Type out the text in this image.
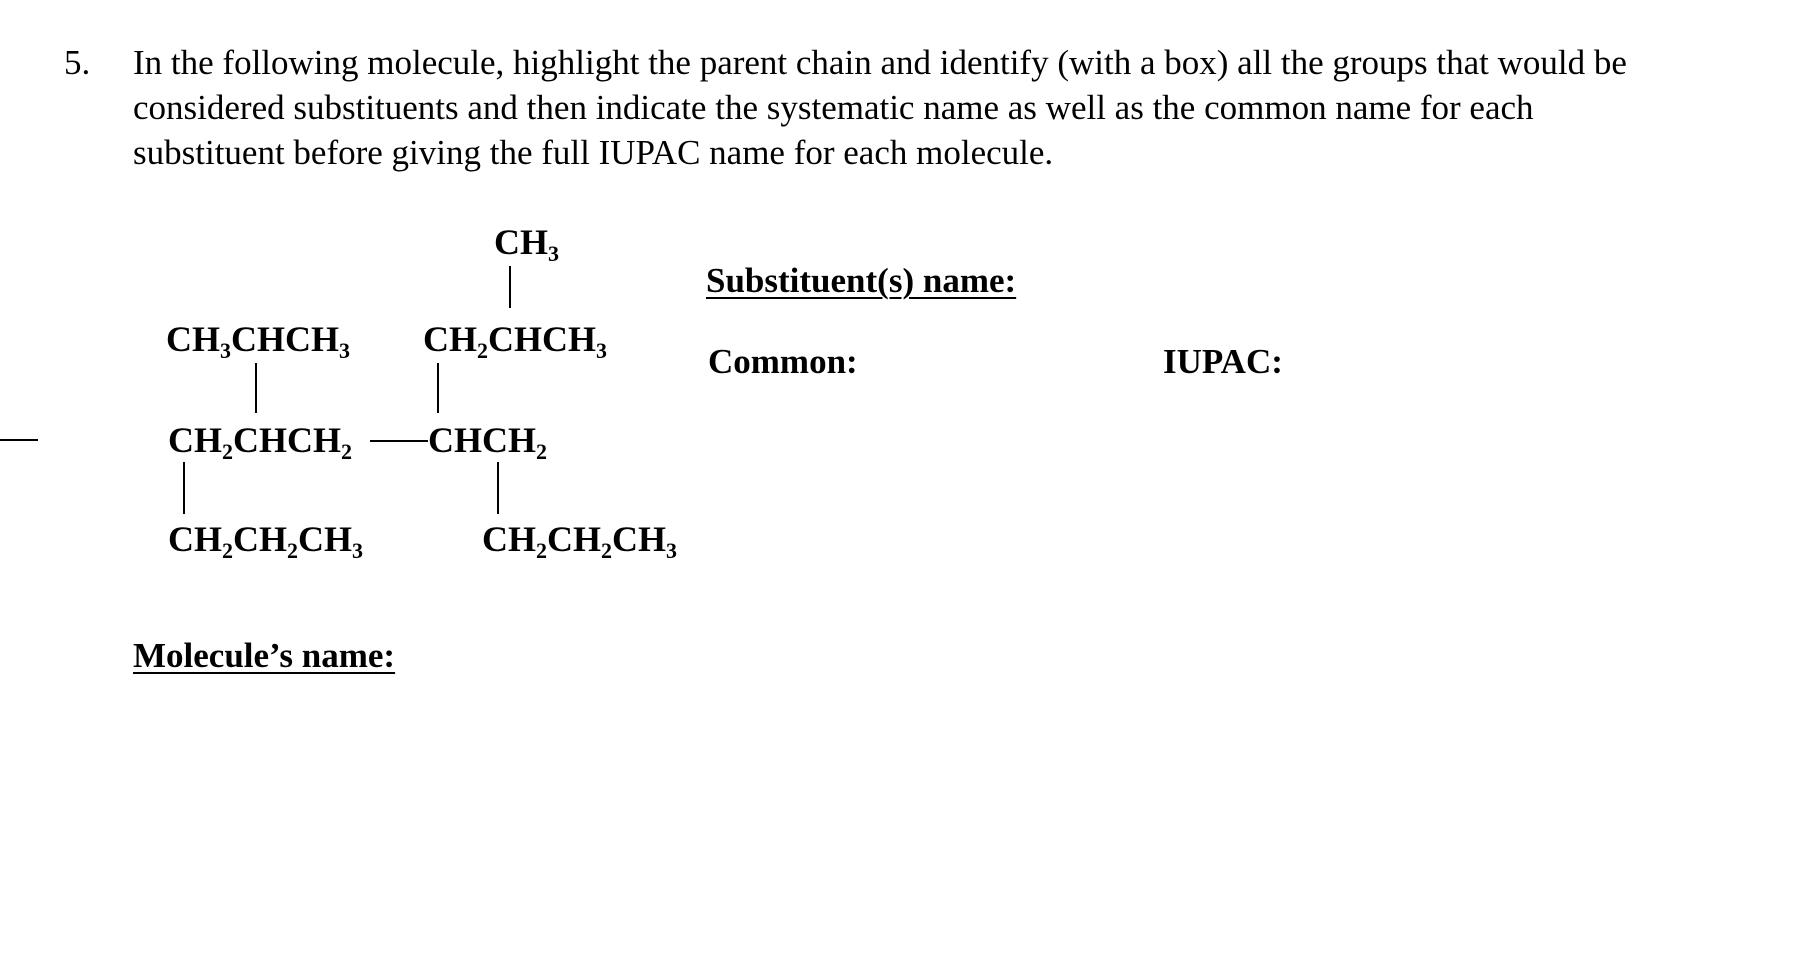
5. In the following molecule, highlight the parent chain and identify (with a box) all the groups that would be considered substituents and then indicate the systematic name as well as the common name for each substituent before giving the full IUPAC name for each molecule.
$CH_3$
$CH_3CHCH_3$ $CH_2CHCH_3$
$CH_2CHCH_2$ $CHCH_2$
$CH_2CH_2CH_3$	$CH_2CH_2CH_3$
Substituent(s) name:
Common:	IUPAC:
Molecule’s name:
